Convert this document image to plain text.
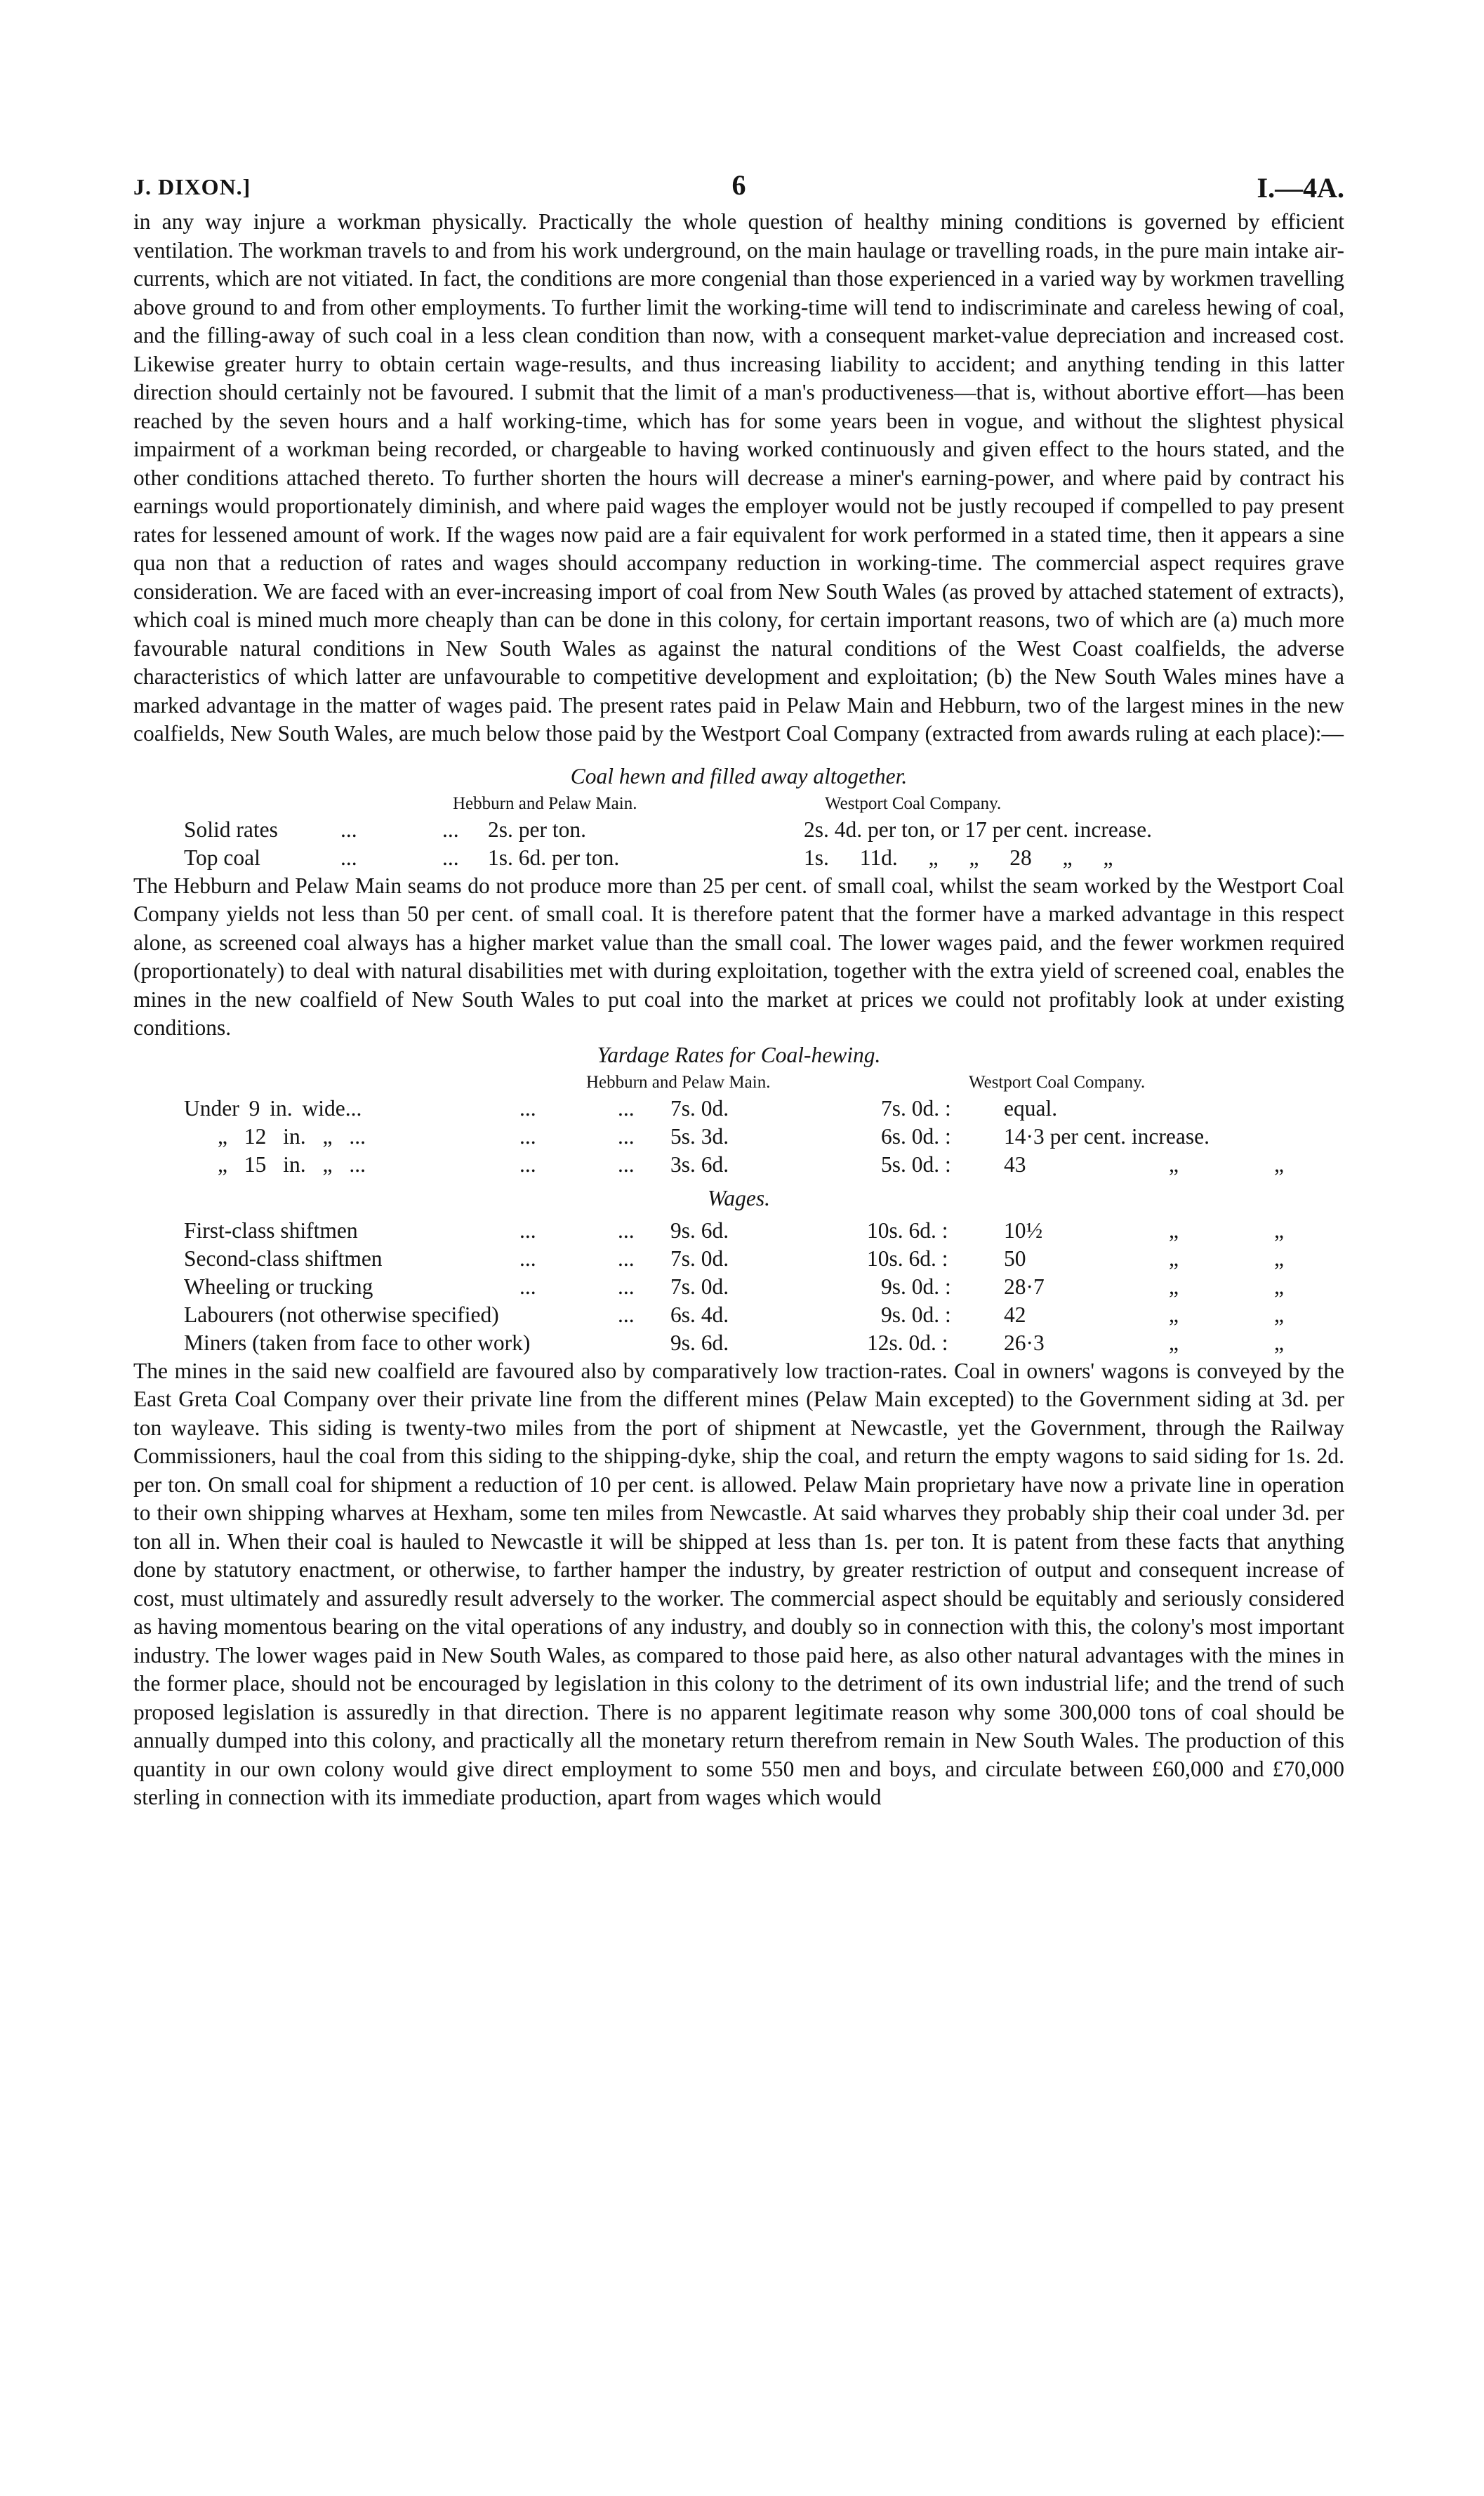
J. DIXON.]	6	I.—4A.

in any way injure a workman physically. Practically the whole question of healthy mining conditions is governed by efficient ventilation. The workman travels to and from his work underground, on the main haulage or travelling roads, in the pure main intake air-currents, which are not vitiated. In fact, the conditions are more congenial than those experienced in a varied way by workmen travelling above ground to and from other employments. To further limit the working-time will tend to indiscriminate and careless hewing of coal, and the filling-away of such coal in a less clean condition than now, with a consequent market-value depreciation and increased cost. Likewise greater hurry to obtain certain wage-results, and thus increasing liability to accident; and anything tending in this latter direction should certainly not be favoured. I submit that the limit of a man's productiveness—that is, without abortive effort—has been reached by the seven hours and a half working-time, which has for some years been in vogue, and without the slightest physical impairment of a workman being recorded, or chargeable to having worked continuously and given effect to the hours stated, and the other conditions attached thereto. To further shorten the hours will decrease a miner's earning-power, and where paid by contract his earnings would proportionately diminish, and where paid wages the employer would not be justly recouped if compelled to pay present rates for lessened amount of work. If the wages now paid are a fair equivalent for work performed in a stated time, then it appears a sine qua non that a reduction of rates and wages should accompany reduction in working-time. The commercial aspect requires grave consideration. We are faced with an ever-increasing import of coal from New South Wales (as proved by attached statement of extracts), which coal is mined much more cheaply than can be done in this colony, for certain important reasons, two of which are (a) much more favourable natural conditions in New South Wales as against the natural conditions of the West Coast coalfields, the adverse characteristics of which latter are unfavourable to competitive development and exploitation; (b) the New South Wales mines have a marked advantage in the matter of wages paid. The present rates paid in Pelaw Main and Hebburn, two of the largest mines in the new coalfields, New South Wales, are much below those paid by the Westport Coal Company (extracted from awards ruling at each place):—

Coal hewn and filled away altogether.
Hebburn and Pelaw Main.	Westport Coal Company.
Solid rates	...	... 2s. per ton.	2s. 4d. per ton, or 17 per cent. increase.
Top coal	...	... 1s. 6d. per ton.	1s. 11d. „ „ 28 „ „

The Hebburn and Pelaw Main seams do not produce more than 25 per cent. of small coal, whilst the seam worked by the Westport Coal Company yields not less than 50 per cent. of small coal. It is therefore patent that the former have a marked advantage in this respect alone, as screened coal always has a higher market value than the small coal. The lower wages paid, and the fewer workmen required (proportionately) to deal with natural disabilities met with during exploitation, together with the extra yield of screened coal, enables the mines in the new coalfield of New South Wales to put coal into the market at prices we could not profitably look at under existing conditions.

Yardage Rates for Coal-hewing.
Hebburn and Pelaw Main.	Westport Coal Company.
Under 9 in. wide...	...	... 7s. 0d.	7s. 0d. : equal.
„ 12 in. „ ...	...	... 5s. 3d.	6s. 0d. : 14·3 per cent. increase.
„ 15 in. „ ...	...	... 3s. 6d.	5s. 0d. : 43	„	„
Wages.
First-class shiftmen	...	... 9s. 6d.	10s. 6d. :	10½	„	„
Second-class shiftmen	...	... 7s. 0d.	10s. 6d. :	50	„	„
Wheeling or trucking	...	... 7s. 0d.	9s. 0d. : 28·7	„	„
Labourers (not otherwise specified)	... 6s. 4d.	9s. 0d. : 42	„	„
Miners (taken from face to other work)	9s. 6d.	12s. 0d. :	26·3	„	„

The mines in the said new coalfield are favoured also by comparatively low traction-rates. Coal in owners' wagons is conveyed by the East Greta Coal Company over their private line from the different mines (Pelaw Main excepted) to the Government siding at 3d. per ton wayleave. This siding is twenty-two miles from the port of shipment at Newcastle, yet the Government, through the Railway Commissioners, haul the coal from this siding to the shipping-dyke, ship the coal, and return the empty wagons to said siding for 1s. 2d. per ton. On small coal for shipment a reduction of 10 per cent. is allowed. Pelaw Main proprietary have now a private line in operation to their own shipping wharves at Hexham, some ten miles from Newcastle. At said wharves they probably ship their coal under 3d. per ton all in. When their coal is hauled to Newcastle it will be shipped at less than 1s. per ton. It is patent from these facts that anything done by statutory enactment, or otherwise, to farther hamper the industry, by greater restriction of output and consequent increase of cost, must ultimately and assuredly result adversely to the worker. The commercial aspect should be equitably and seriously considered as having momentous bearing on the vital operations of any industry, and doubly so in connection with this, the colony's most important industry. The lower wages paid in New South Wales, as compared to those paid here, as also other natural advantages with the mines in the former place, should not be encouraged by legislation in this colony to the detriment of its own industrial life; and the trend of such proposed legislation is assuredly in that direction. There is no apparent legitimate reason why some 300,000 tons of coal should be annually dumped into this colony, and practically all the monetary return therefrom remain in New South Wales. The production of this quantity in our own colony would give direct employment to some 550 men and boys, and circulate between £60,000 and £70,000 sterling in connection with its immediate production, apart from wages which would
